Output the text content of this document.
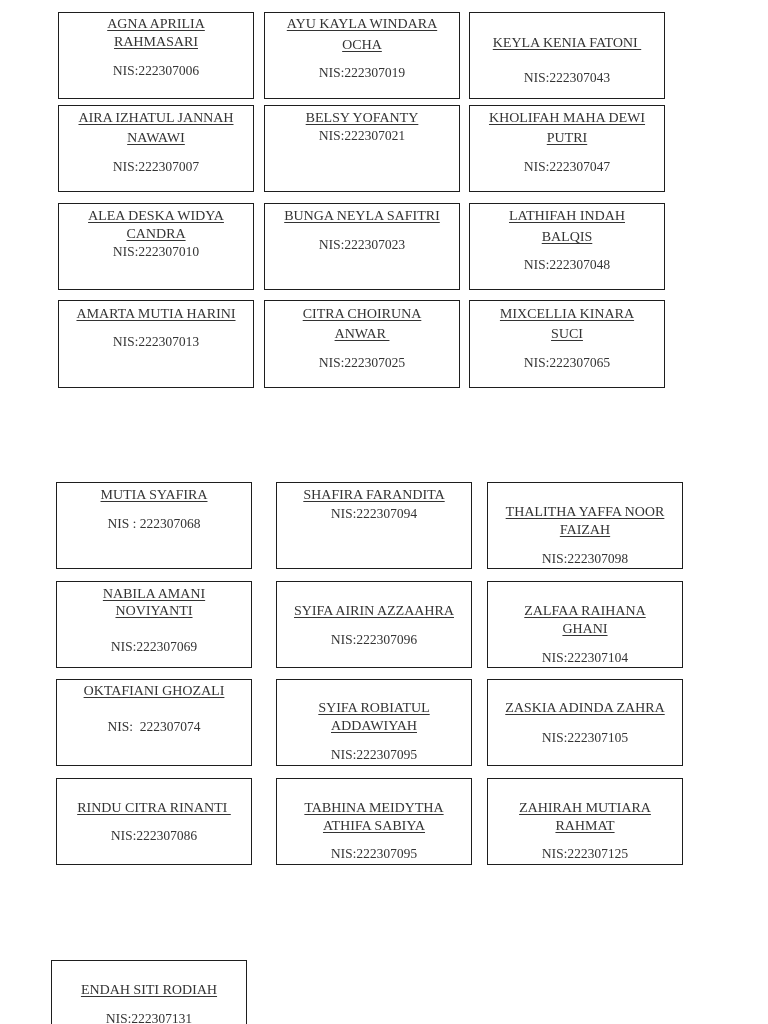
AGNA APRILIA
RAHMASARI
NIS:222307006
AYU KAYLA WINDARA
OCHA
NIS:222307019
KEYLA KENIA FATONI
NIS:222307043
AIRA IZHATUL JANNAH
NAWAWI
NIS:222307007
BELSY YOFANTY
NIS:222307021
KHOLIFAH MAHA DEWI
PUTRI
NIS:222307047
ALEA DESKA WIDYA
CANDRA
NIS:222307010
BUNGA NEYLA SAFITRI
NIS:222307023
LATHIFAH INDAH
BALQIS
NIS:222307048
AMARTA MUTIA HARINI
NIS:222307013
CITRA CHOIRUNA
ANWAR
NIS:222307025
MIXCELLIA KINARA
SUCI
NIS:222307065
MUTIA SYAFIRA
NIS : 222307068
SHAFIRA FARANDITA
NIS:222307094	THALITHA YAFFA NOOR
FAIZAH
NIS:222307098
NABILA AMANI
NOVIYANTI
NIS:222307069
SYIFA AIRIN AZZAAHRA
NIS:222307096
ZALFAA RAIHANA
GHANI
NIS:222307104
OKTAFIANI GHOZALI
NIS:  222307074
SYIFA ROBIATUL
ADDAWIYAH
NIS:222307095
ZASKIA ADINDA ZAHRA
NIS:222307105
RINDU CITRA RINANTI
NIS:222307086
TABHINA MEIDYTHA
ATHIFA SABIYA
NIS:222307095
ZAHIRAH MUTIARA
RAHMAT
NIS:222307125
ENDAH SITI RODIAH
NIS:222307131
